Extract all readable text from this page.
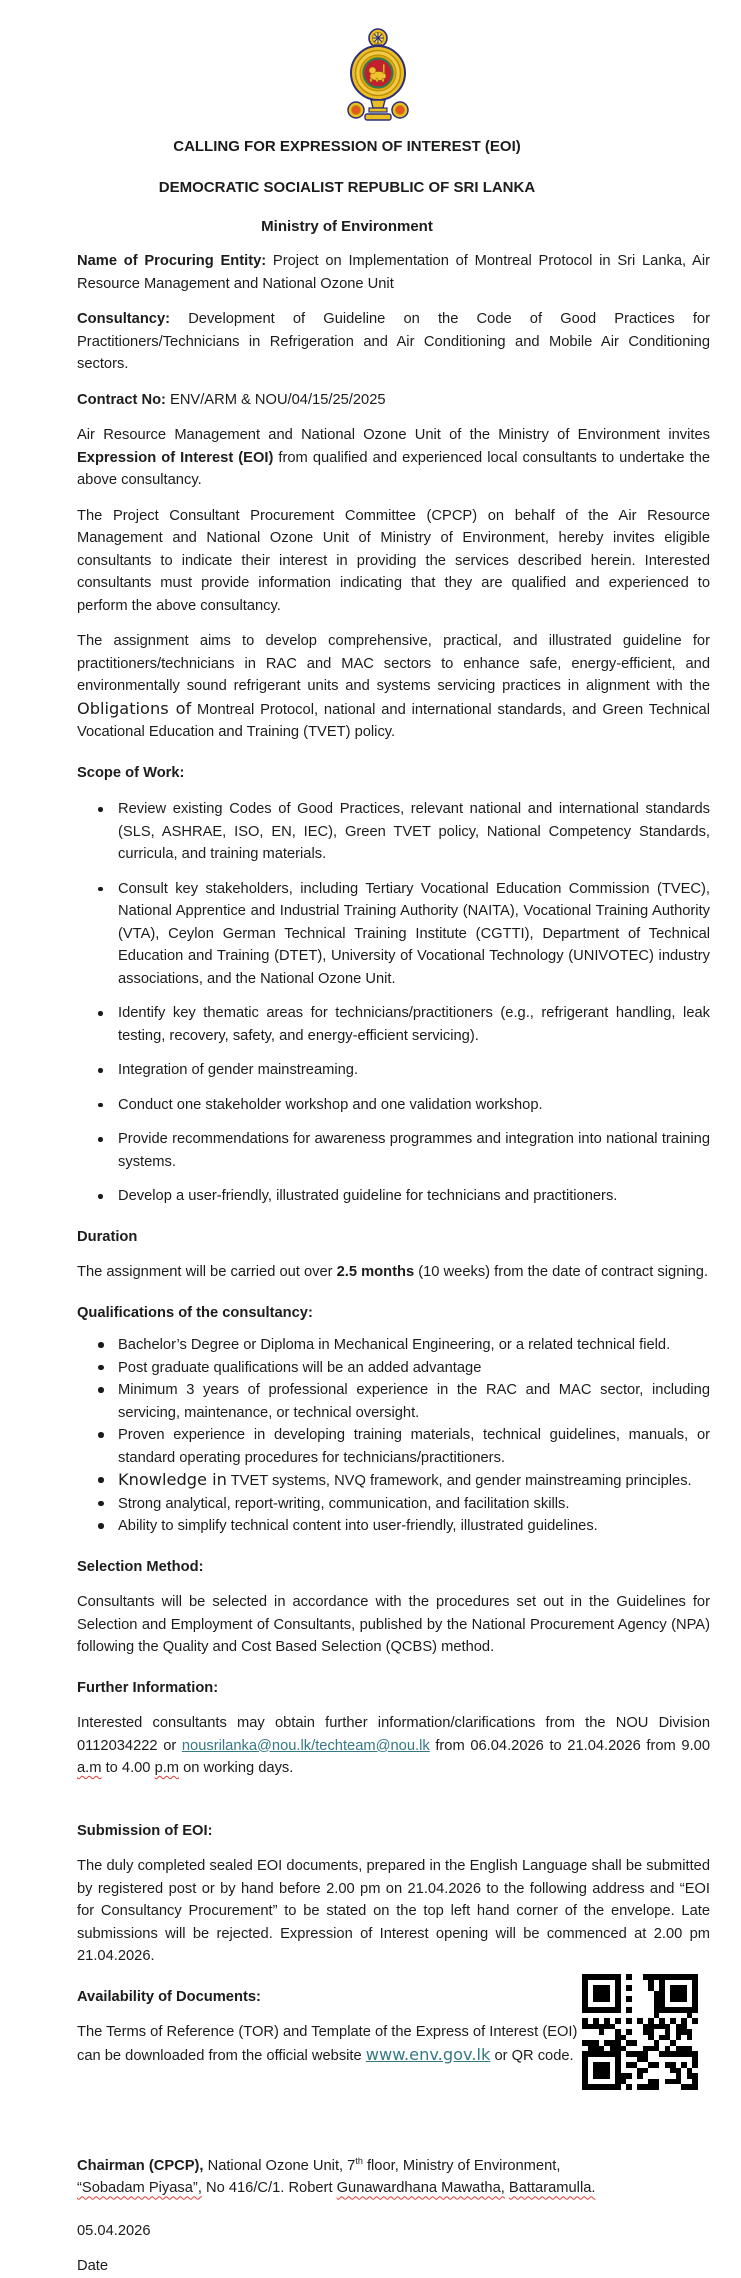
CALLING FOR EXPRESSION OF INTEREST (EOI)
DEMOCRATIC SOCIALIST REPUBLIC OF SRI LANKA
Ministry of Environment

Name of Procuring Entity: Project on Implementation of Montreal Protocol in Sri Lanka, Air Resource Management and National Ozone Unit

Consultancy: Development of Guideline on the Code of Good Practices for Practitioners/Technicians in Refrigeration and Air Conditioning and Mobile Air Conditioning sectors.

Contract No: ENV/ARM & NOU/04/15/25/2025

Air Resource Management and National Ozone Unit of the Ministry of Environment invites Expression of Interest (EOI) from qualified and experienced local consultants to undertake the above consultancy.

The Project Consultant Procurement Committee (CPCP) on behalf of the Air Resource Management and National Ozone Unit of Ministry of Environment, hereby invites eligible consultants to indicate their interest in providing the services described herein. Interested consultants must provide information indicating that they are qualified and experienced to perform the above consultancy.

The assignment aims to develop comprehensive, practical, and illustrated guideline for practitioners/technicians in RAC and MAC sectors to enhance safe, energy-efficient, and environmentally sound refrigerant units and systems servicing practices in alignment with the Obligations of Montreal Protocol, national and international standards, and Green Technical Vocational Education and Training (TVET) policy.

Scope of Work:

Review existing Codes of Good Practices, relevant national and international standards (SLS, ASHRAE, ISO, EN, IEC), Green TVET policy, National Competency Standards, curricula, and training materials.
Consult key stakeholders, including Tertiary Vocational Education Commission (TVEC), National Apprentice and Industrial Training Authority (NAITA), Vocational Training Authority (VTA), Ceylon German Technical Training Institute (CGTTI), Department of Technical Education and Training (DTET), University of Vocational Technology (UNIVOTEC) industry associations, and the National Ozone Unit.
Identify key thematic areas for technicians/practitioners (e.g., refrigerant handling, leak testing, recovery, safety, and energy-efficient servicing).
Integration of gender mainstreaming.
Conduct one stakeholder workshop and one validation workshop.
Provide recommendations for awareness programmes and integration into national training systems.
Develop a user-friendly, illustrated guideline for technicians and practitioners.

Duration

The assignment will be carried out over 2.5 months (10 weeks) from the date of contract signing.

Qualifications of the consultancy:

Bachelor’s Degree or Diploma in Mechanical Engineering, or a related technical field.
Post graduate qualifications will be an added advantage
Minimum 3 years of professional experience in the RAC and MAC sector, including servicing, maintenance, or technical oversight.
Proven experience in developing training materials, technical guidelines, manuals, or standard operating procedures for technicians/practitioners.
Knowledge in TVET systems, NVQ framework, and gender mainstreaming principles.
Strong analytical, report-writing, communication, and facilitation skills.
Ability to simplify technical content into user-friendly, illustrated guidelines.

Selection Method:

Consultants will be selected in accordance with the procedures set out in the Guidelines for Selection and Employment of Consultants, published by the National Procurement Agency (NPA) following the Quality and Cost Based Selection (QCBS) method.

Further Information:

Interested consultants may obtain further information/clarifications from the NOU Division 0112034222 or nousrilanka@nou.lk/techteam@nou.lk from 06.04.2026 to 21.04.2026 from 9.00 a.m to 4.00 p.m on working days.

Submission of EOI:

The duly completed sealed EOI documents, prepared in the English Language shall be submitted by registered post or by hand before 2.00 pm on 21.04.2026 to the following address and “EOI for Consultancy Procurement” to be stated on the top left hand corner of the envelope. Late submissions will be rejected. Expression of Interest opening will be commenced at 2.00 pm 21.04.2026.

Availability of Documents:

The Terms of Reference (TOR) and Template of the Express of Interest (EOI) can be downloaded from the official website www.env.gov.lk or QR code.

Chairman (CPCP), National Ozone Unit, 7th floor, Ministry of Environment,
“Sobadam Piyasa”, No 416/C/1. Robert Gunawardhana Mawatha, Battaramulla.

05.04.2026

Date
